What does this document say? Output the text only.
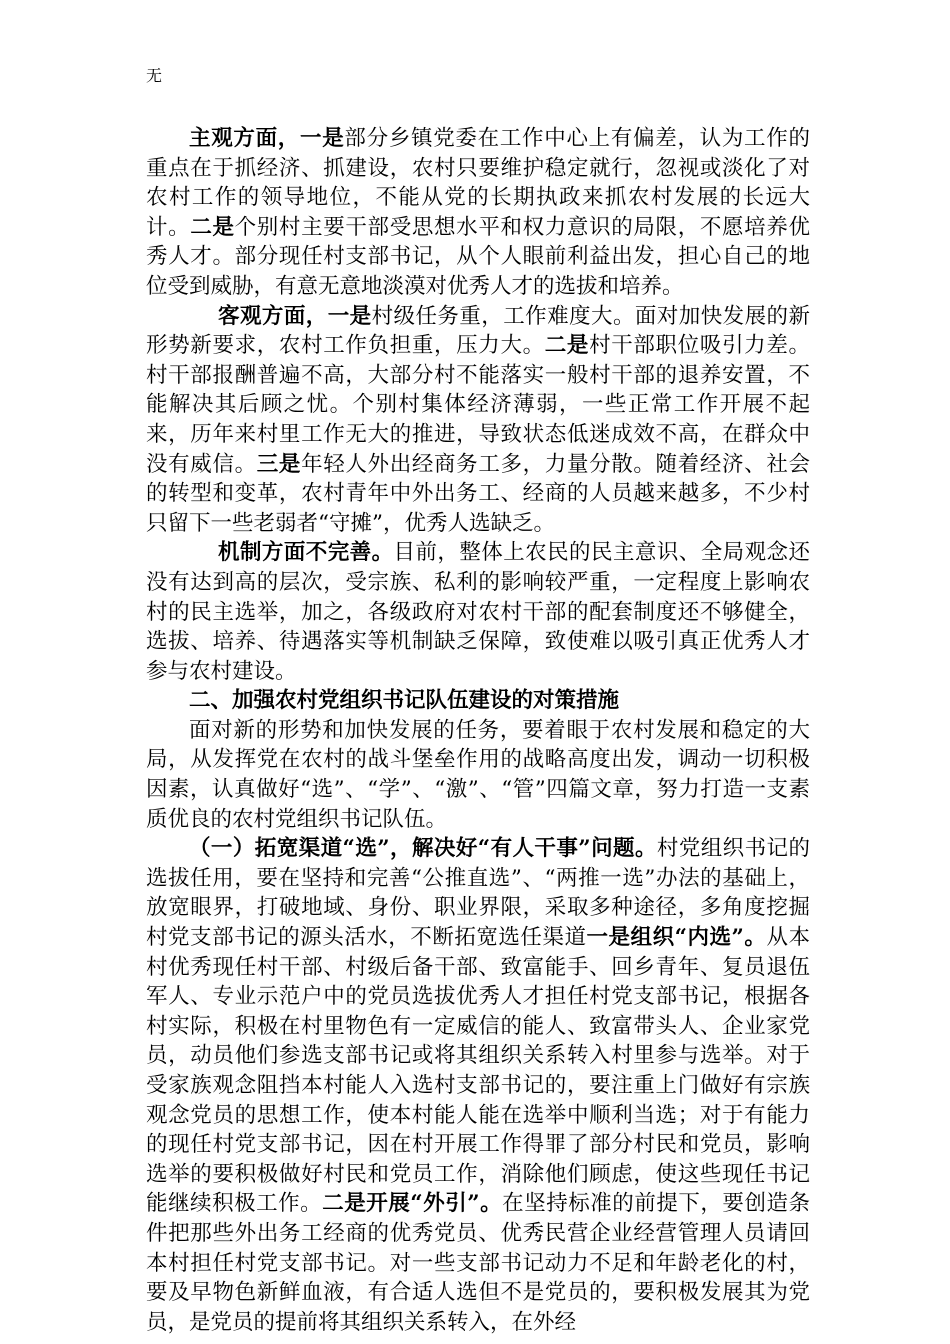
无

主观方面，一是部分乡镇党委在工作中心上有偏差，认为工作的重点在于抓经济、抓建设，农村只要维护稳定就行，忽视或淡化了对农村工作的领导地位，不能从党的长期执政来抓农村发展的长远大计。二是个别村主要干部受思想水平和权力意识的局限，不愿培养优秀人才。部分现任村支部书记，从个人眼前利益出发，担心自己的地位受到威胁，有意无意地淡漠对优秀人才的选拔和培养。

客观方面，一是村级任务重，工作难度大。面对加快发展的新形势新要求，农村工作负担重，压力大。二是村干部职位吸引力差。村干部报酬普遍不高，大部分村不能落实一般村干部的退养安置，不能解决其后顾之忧。个别村集体经济薄弱，一些正常工作开展不起来，历年来村里工作无大的推进，导致状态低迷成效不高，在群众中没有威信。三是年轻人外出经商务工多，力量分散。随着经济、社会的转型和变革，农村青年中外出务工、经商的人员越来越多，不少村只留下一些老弱者“守摊”，优秀人选缺乏。

机制方面不完善。目前，整体上农民的民主意识、全局观念还没有达到高的层次，受宗族、私利的影响较严重，一定程度上影响农村的民主选举，加之，各级政府对农村干部的配套制度还不够健全，选拔、培养、待遇落实等机制缺乏保障，致使难以吸引真正优秀人才参与农村建设。

二、加强农村党组织书记队伍建设的对策措施

面对新的形势和加快发展的任务，要着眼于农村发展和稳定的大局，从发挥党在农村的战斗堡垒作用的战略高度出发，调动一切积极因素，认真做好“选”、“学”、“激”、“管”四篇文章，努力打造一支素质优良的农村党组织书记队伍。

（一）拓宽渠道“选”，解决好“有人干事”问题。村党组织书记的选拔任用，要在坚持和完善“公推直选”、“两推一选”办法的基础上，放宽眼界，打破地域、身份、职业界限，采取多种途径，多角度挖掘村党支部书记的源头活水，不断拓宽选任渠道一是组织“内选”。从本村优秀现任村干部、村级后备干部、致富能手、回乡青年、复员退伍军人、专业示范户中的党员选拔优秀人才担任村党支部书记，根据各村实际，积极在村里物色有一定威信的能人、致富带头人、企业家党员，动员他们参选支部书记或将其组织关系转入村里参与选举。对于受家族观念阻挡本村能人入选村支部书记的，要注重上门做好有宗族观念党员的思想工作，使本村能人能在选举中顺利当选；对于有能力的现任村党支部书记，因在村开展工作得罪了部分村民和党员，影响选举的要积极做好村民和党员工作，消除他们顾虑，使这些现任书记能继续积极工作。二是开展“外引”。在坚持标准的前提下，要创造条件把那些外出务工经商的优秀党员、优秀民营企业经营管理人员请回本村担任村党支部书记。对一些支部书记动力不足和年龄老化的村，要及早物色新鲜血液，有合适人选但不是党员的，要积极发展其为党员，是党员的提前将其组织关系转入，在外经
